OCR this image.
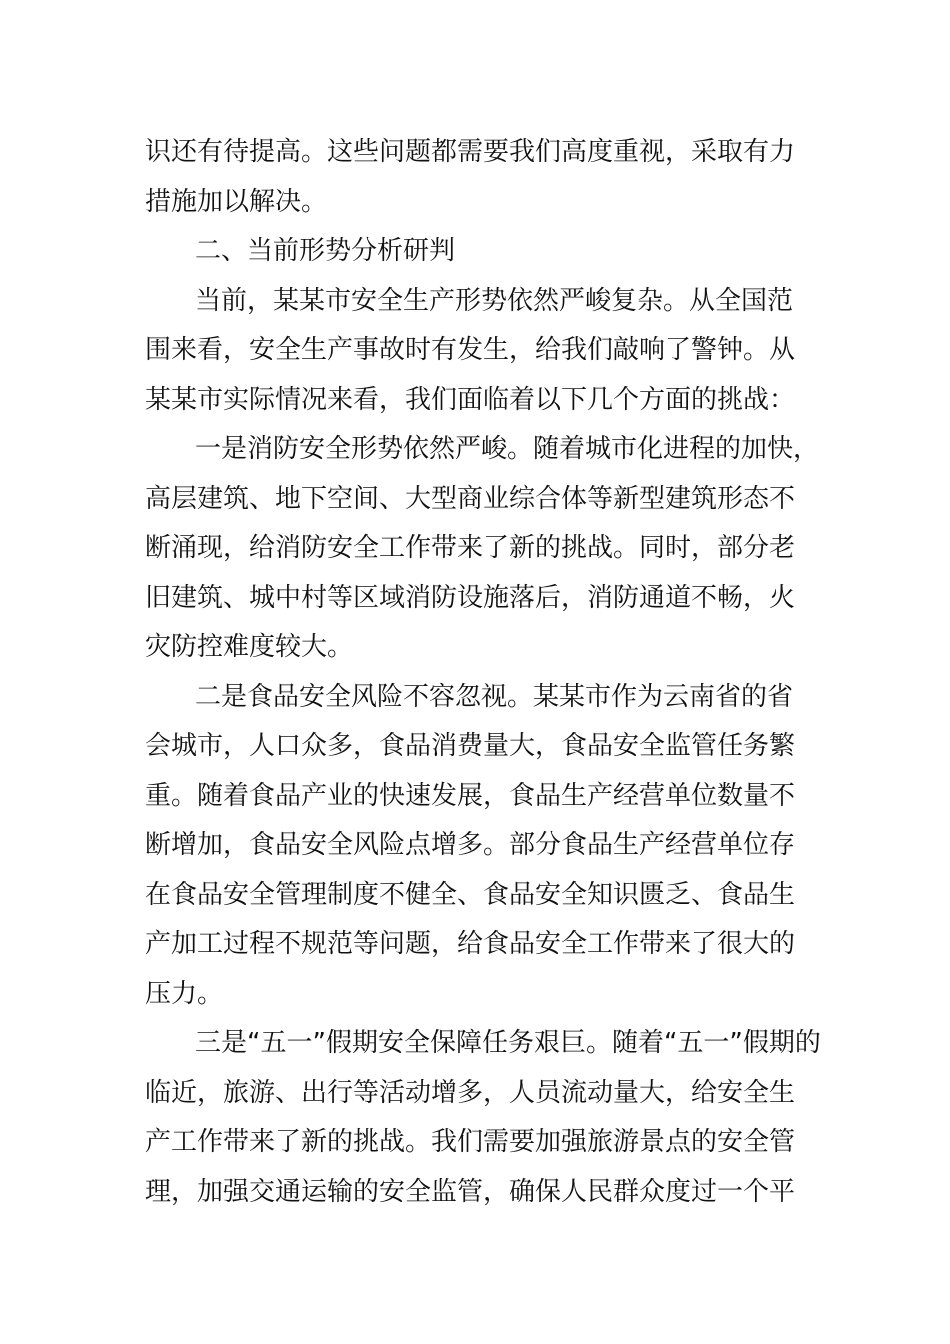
识还有待提高。这些问题都需要我们高度重视，采取有力
措施加以解决。
二、当前形势分析研判
当前，某某市安全生产形势依然严峻复杂。从全国范
围来看，安全生产事故时有发生，给我们敲响了警钟。从
某某市实际情况来看，我们面临着以下几个方面的挑战：
一是消防安全形势依然严峻。随着城市化进程的加快，
高层建筑、地下空间、大型商业综合体等新型建筑形态不
断涌现，给消防安全工作带来了新的挑战。同时，部分老
旧建筑、城中村等区域消防设施落后，消防通道不畅，火
灾防控难度较大。
二是食品安全风险不容忽视。某某市作为云南省的省
会城市，人口众多，食品消费量大，食品安全监管任务繁
重。随着食品产业的快速发展，食品生产经营单位数量不
断增加，食品安全风险点增多。部分食品生产经营单位存
在食品安全管理制度不健全、食品安全知识匮乏、食品生
产加工过程不规范等问题，给食品安全工作带来了很大的
压力。
三是“五一”假期安全保障任务艰巨。随着“五一”假期的
临近，旅游、出行等活动增多，人员流动量大，给安全生
产工作带来了新的挑战。我们需要加强旅游景点的安全管
理，加强交通运输的安全监管，确保人民群众度过一个平
